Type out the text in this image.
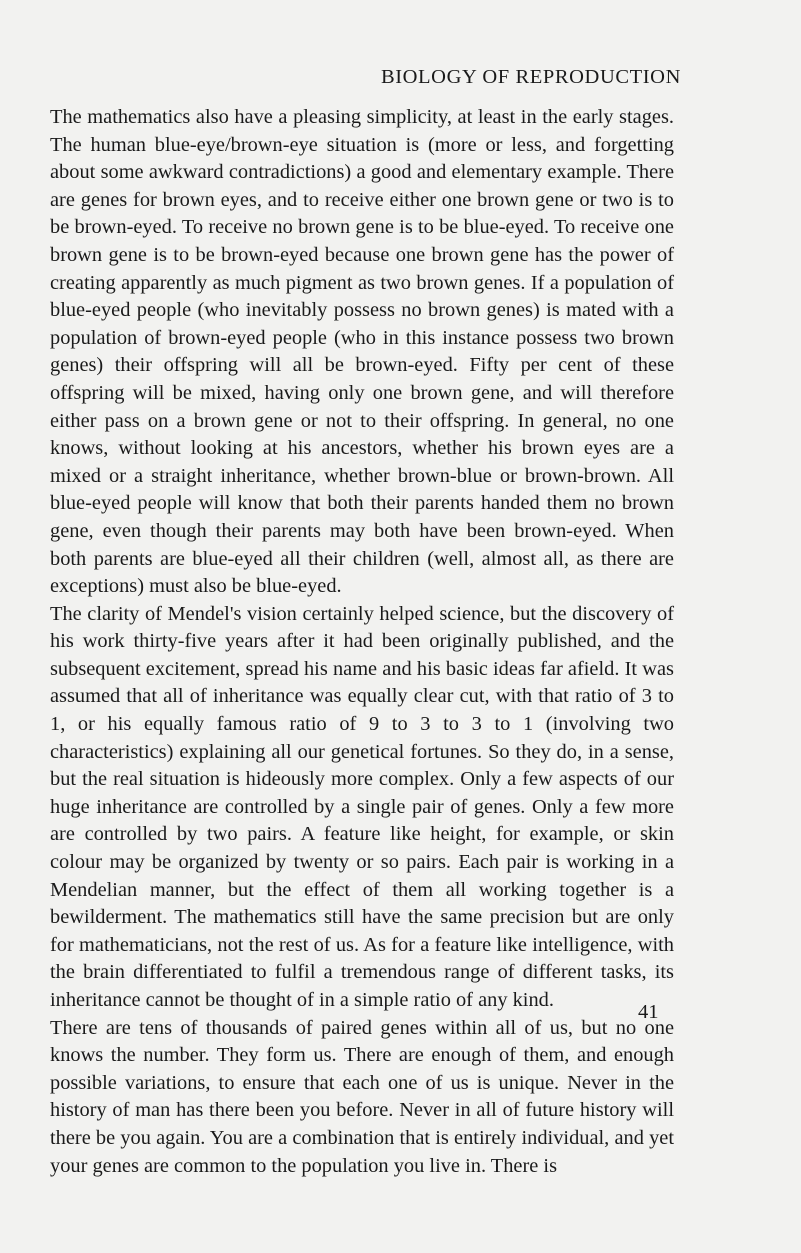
BIOLOGY OF REPRODUCTION

The mathematics also have a pleasing simplicity, at least in the early stages. The human blue-eye/brown-eye situation is (more or less, and forgetting about some awkward contradictions) a good and elementary example. There are genes for brown eyes, and to receive either one brown gene or two is to be brown-eyed. To receive no brown gene is to be blue-eyed. To receive one brown gene is to be brown-eyed because one brown gene has the power of creating apparently as much pigment as two brown genes. If a population of blue-eyed people (who inevitably possess no brown genes) is mated with a population of brown-eyed people (who in this instance possess two brown genes) their offspring will all be brown-eyed. Fifty per cent of these offspring will be mixed, having only one brown gene, and will therefore either pass on a brown gene or not to their offspring. In general, no one knows, without looking at his ancestors, whether his brown eyes are a mixed or a straight inheritance, whether brown-blue or brown-brown. All blue-eyed people will know that both their parents handed them no brown gene, even though their parents may both have been brown-eyed. When both parents are blue-eyed all their children (well, almost all, as there are exceptions) must also be blue-eyed.

The clarity of Mendel's vision certainly helped science, but the discovery of his work thirty-five years after it had been originally published, and the subsequent excitement, spread his name and his basic ideas far afield. It was assumed that all of inheritance was equally clear cut, with that ratio of 3 to 1, or his equally famous ratio of 9 to 3 to 3 to 1 (involving two characteristics) explaining all our genetical fortunes. So they do, in a sense, but the real situation is hideously more complex. Only a few aspects of our huge inheritance are controlled by a single pair of genes. Only a few more are controlled by two pairs. A feature like height, for example, or skin colour may be organized by twenty or so pairs. Each pair is working in a Mendelian manner, but the effect of them all working together is a bewilderment. The mathematics still have the same precision but are only for mathematicians, not the rest of us. As for a feature like intelligence, with the brain differentiated to fulfil a tremendous range of different tasks, its inheritance cannot be thought of in a simple ratio of any kind.

There are tens of thousands of paired genes within all of us, but no one knows the number. They form us. There are enough of them, and enough possible variations, to ensure that each one of us is unique. Never in the history of man has there been you before. Never in all of future history will there be you again. You are a combination that is entirely individual, and yet your genes are common to the population you live in. There is

41
